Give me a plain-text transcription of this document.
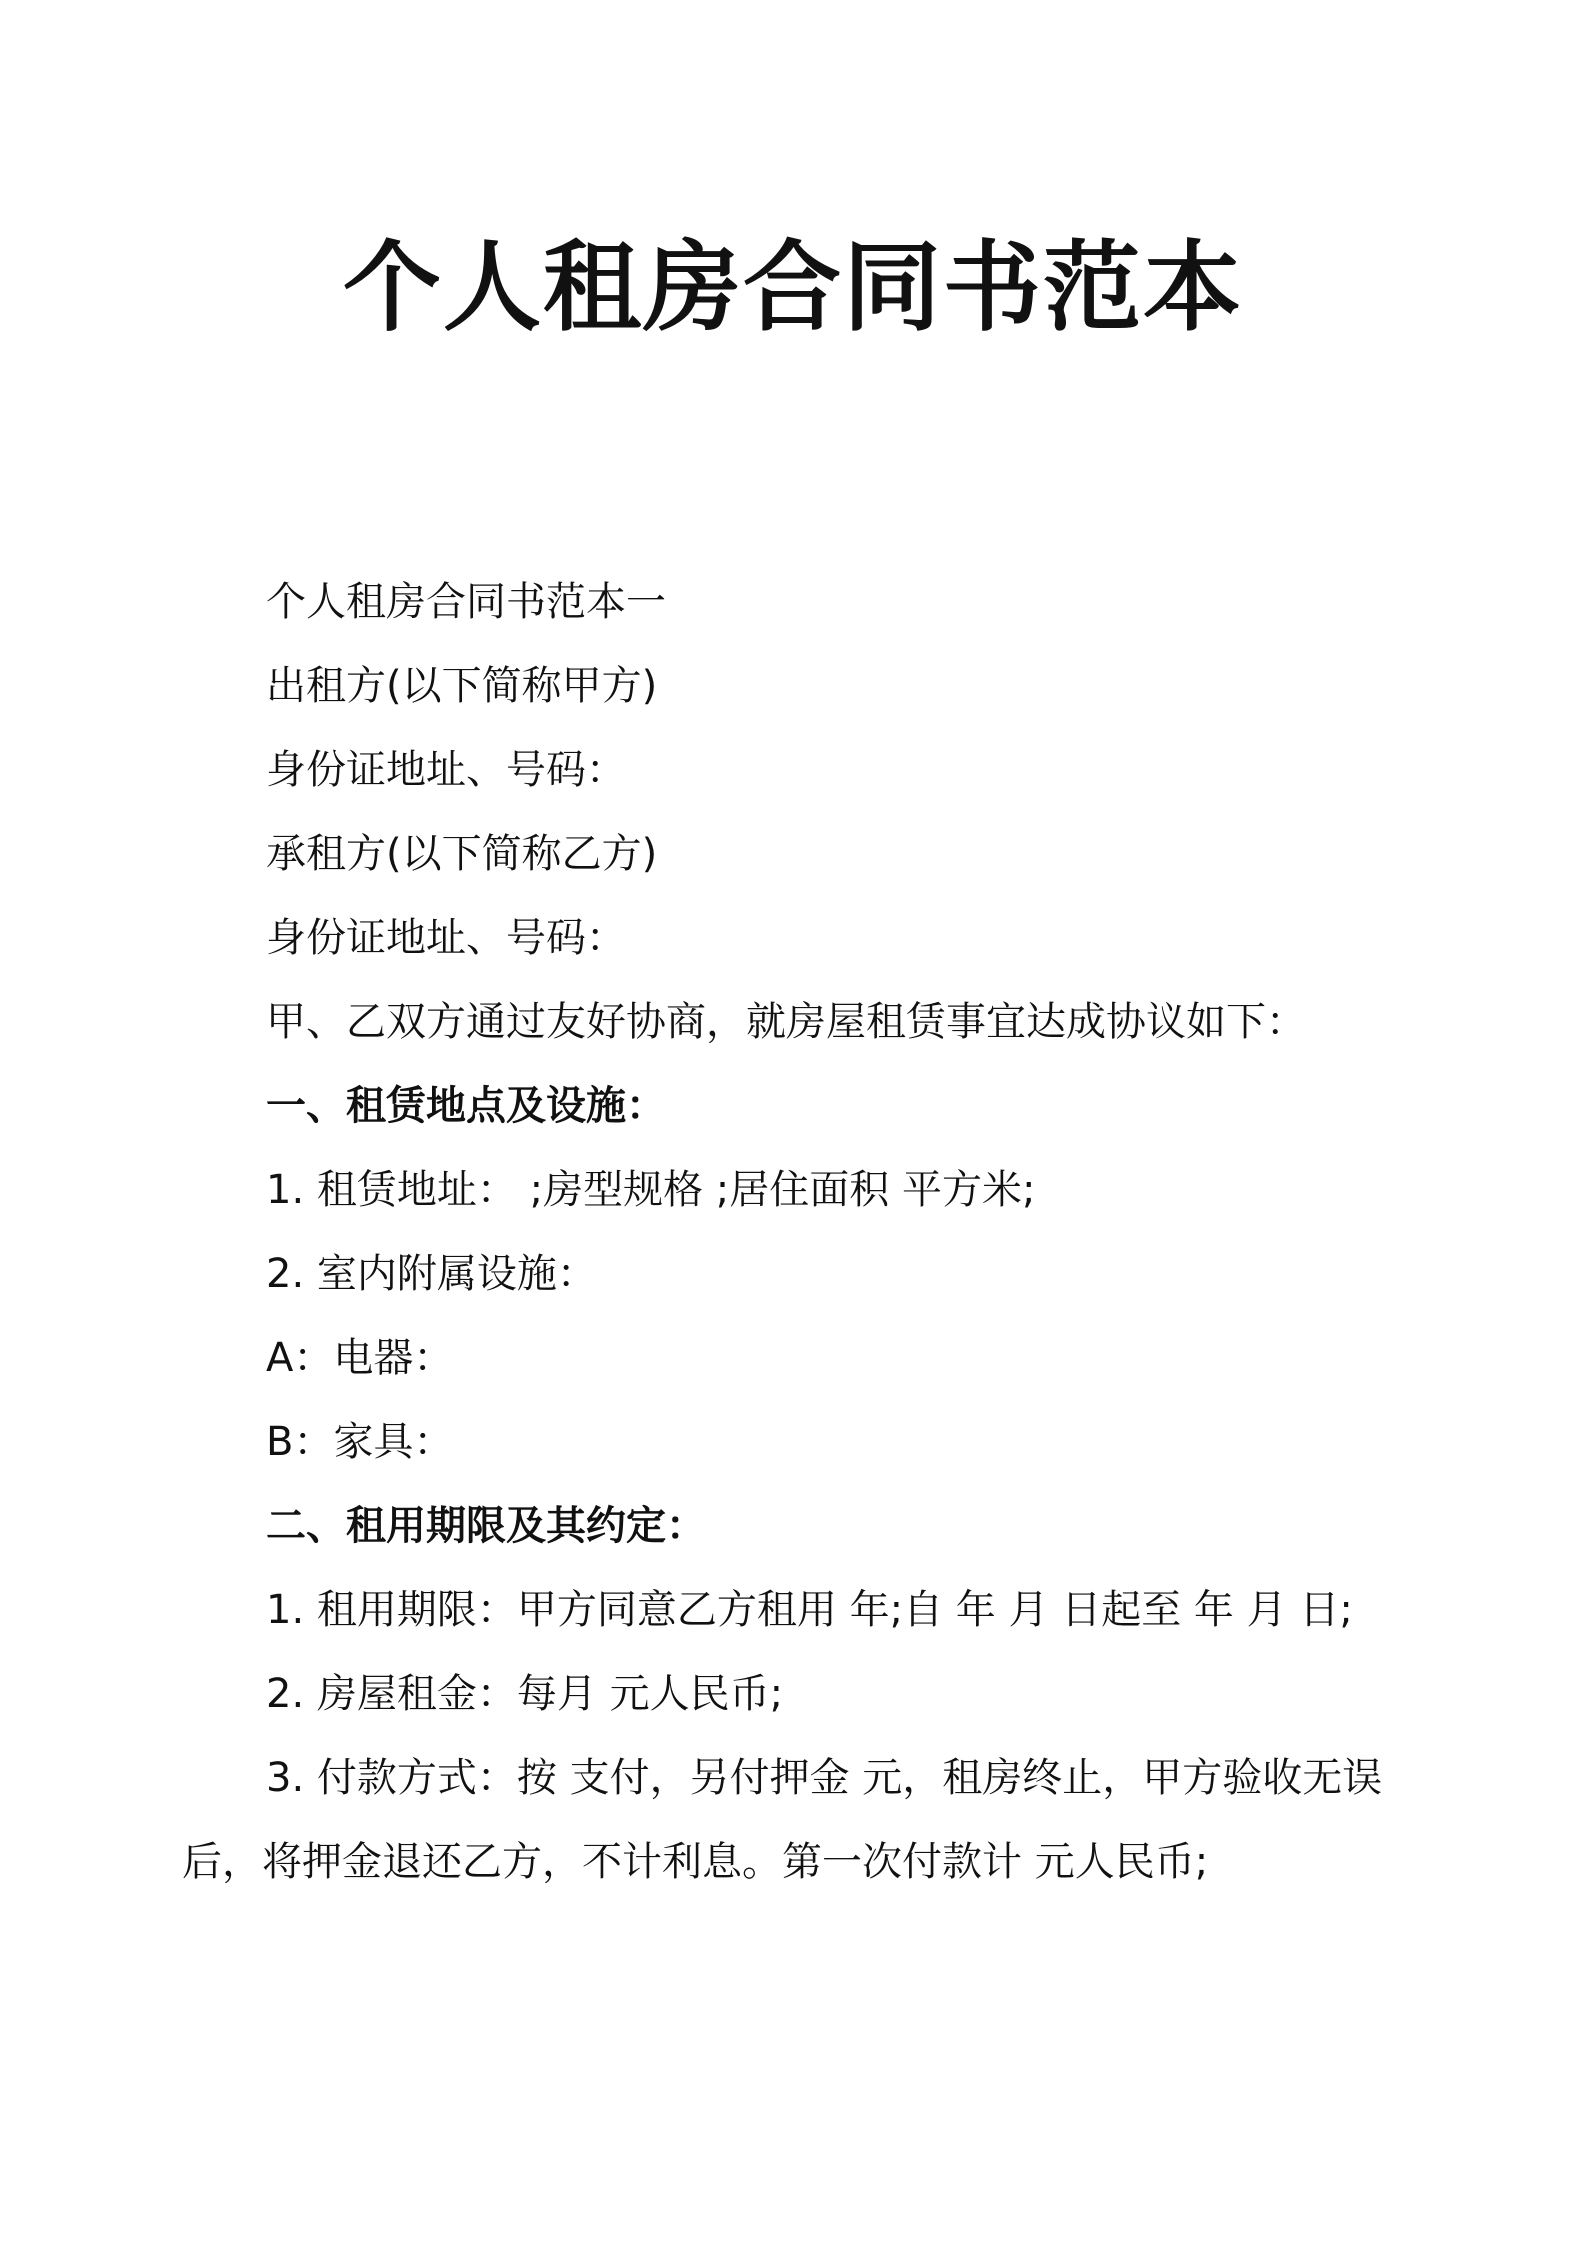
个人租房合同书范本

个人租房合同书范本一

出租方(以下简称甲方)

身份证地址、号码：

承租方(以下简称乙方)

身份证地址、号码：

甲、乙双方通过友好协商，就房屋租赁事宜达成协议如下：

一、租赁地点及设施：

1. 租赁地址： ;房型规格 ;居住面积 平方米;

2. 室内附属设施：

A：电器：

B：家具：

二、租用期限及其约定：

1. 租用期限：甲方同意乙方租用 年;自 年 月 日起至 年 月 日;

2. 房屋租金：每月 元人民币;

3. 付款方式：按 支付，另付押金 元，租房终止，甲方验收无误后，将押金退还乙方，不计利息。第一次付款计 元人民币;
